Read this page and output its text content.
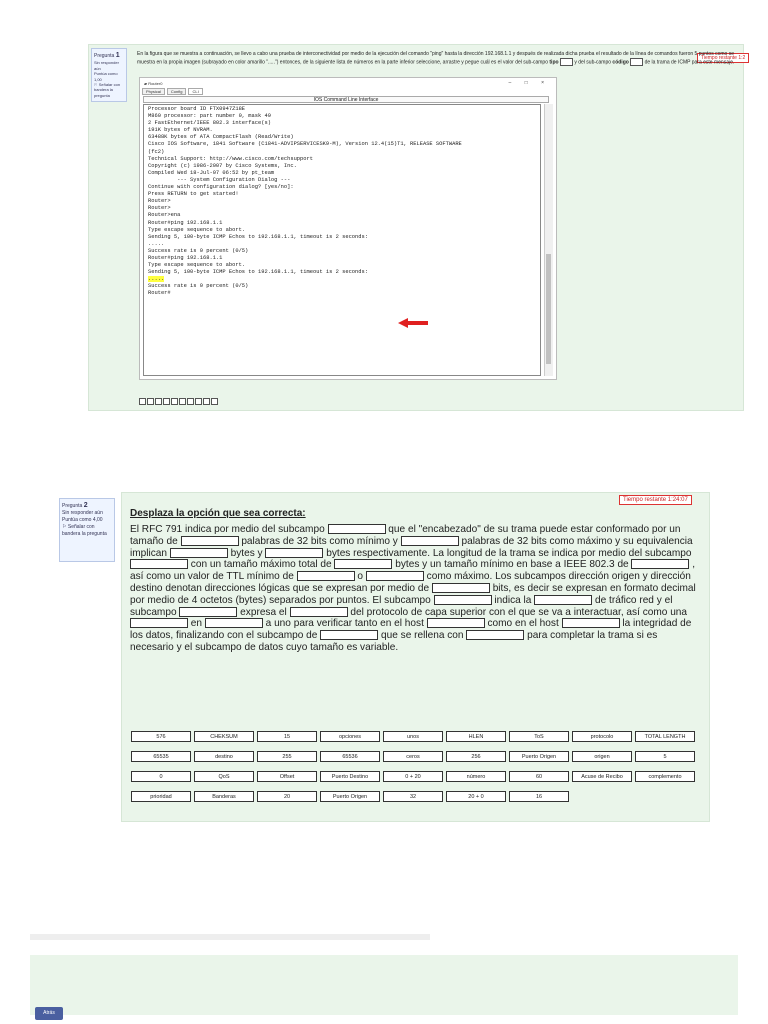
Pregunta 1
Sin responder aún
Puntúa como 1,00
⚐ Señalar con bandera la pregunta
Tiempo restante 1:2
En la figura que se muestra a continuación, se llevo a cabo una prueba de interconectividad por medio de la ejecución del comando "ping" hasta la dirección 192.168.1.1 y después de realizada dicha prueba el resultado de la línea de comandos fueron 5 puntos como se muestra en la propia imagen (subrayado en color amarillo ".....") entonces, de la siguiente lista de números en la parte inferior seleccione, arrastre y pegue cuál es el valor del sub-campo tipo	y del sub-campo código	de la trama de ICMP para este mensaje.
▰ Router0	– □ ×
Physical	Config	CLI
IOS Command Line Interface
Processor board ID FTX0947Z18E
M860 processor: part number 0, mask 49
2 FastEthernet/IEEE 802.3 interface(s)
191K bytes of NVRAM.
63488K bytes of ATA CompactFlash (Read/Write)
Cisco IOS Software, 1841 Software (C1841-ADVIPSERVICESK9-M), Version 12.4(15)T1, RELEASE SOFTWARE
(fc2)
Technical Support: http://www.cisco.com/techsupport
Copyright (c) 1986-2007 by Cisco Systems, Inc.
Compiled Wed 18-Jul-07 06:52 by pt_team
--- System Configuration Dialog ---
Continue with configuration dialog? [yes/no]:
Press RETURN to get started!
Router>
Router>
Router>ena
Router#ping 192.168.1.1
Type escape sequence to abort.
Sending 5, 100-byte ICMP Echos to 192.168.1.1, timeout is 2 seconds:
.....
Success rate is 0 percent (0/5)
Router#ping 192.168.1.1
Type escape sequence to abort.
Sending 5, 100-byte ICMP Echos to 192.168.1.1, timeout is 2 seconds:
.....
Success rate is 0 percent (0/5)
Router#
Pregunta 2
Sin responder aún
Puntúa como 4,00
⚐ Señalar con bandera la pregunta
Tiempo restante 1:24:07
Desplaza la opción que sea correcta:
El RFC 791 indica por medio del subcampo	que el "encabezado" de su trama puede estar conformado por un tamaño de	palabras de 32 bits como mínimo y	palabras de 32 bits como máximo y su equivalencia implican	bytes y	bytes respectivamente. La longitud de la trama se indica por medio del subcampo  con un tamaño máximo total de	bytes y un tamaño mínimo en base a IEEE 802.3 de	, así como un valor de TTL mínimo de	o	como máximo. Los subcampos dirección origen y dirección destino denotan direcciones lógicas que se expresan por medio de	bits, es decir se expresan en formato decimal por medio de 4 octetos (bytes) separados por puntos. El subcampo	indica la	de tráfico red y el subcampo	expresa el	del protocolo de capa superior con el que se va a interactuar, así como una  en	a uno para verificar tanto en el host	como en el host	la integridad de los datos, finalizando con el subcampo de	que se rellena con	para completar la trama si es necesario y el subcampo de datos cuyo tamaño es variable.
576	CHEKSUM	15	opciones	unos	HLEN	ToS	protocolo	TOTAL LENGTH
65535	destino	255	65536	ceros	256	Puerto Origen	origen	5
0	QoS	Offset	Puerto Destino	0 + 20	número	60	Acuse de Recibo	complemento
prioridad	Banderas	20	Puerto Origen	32	20 + 0	16
Atrás
